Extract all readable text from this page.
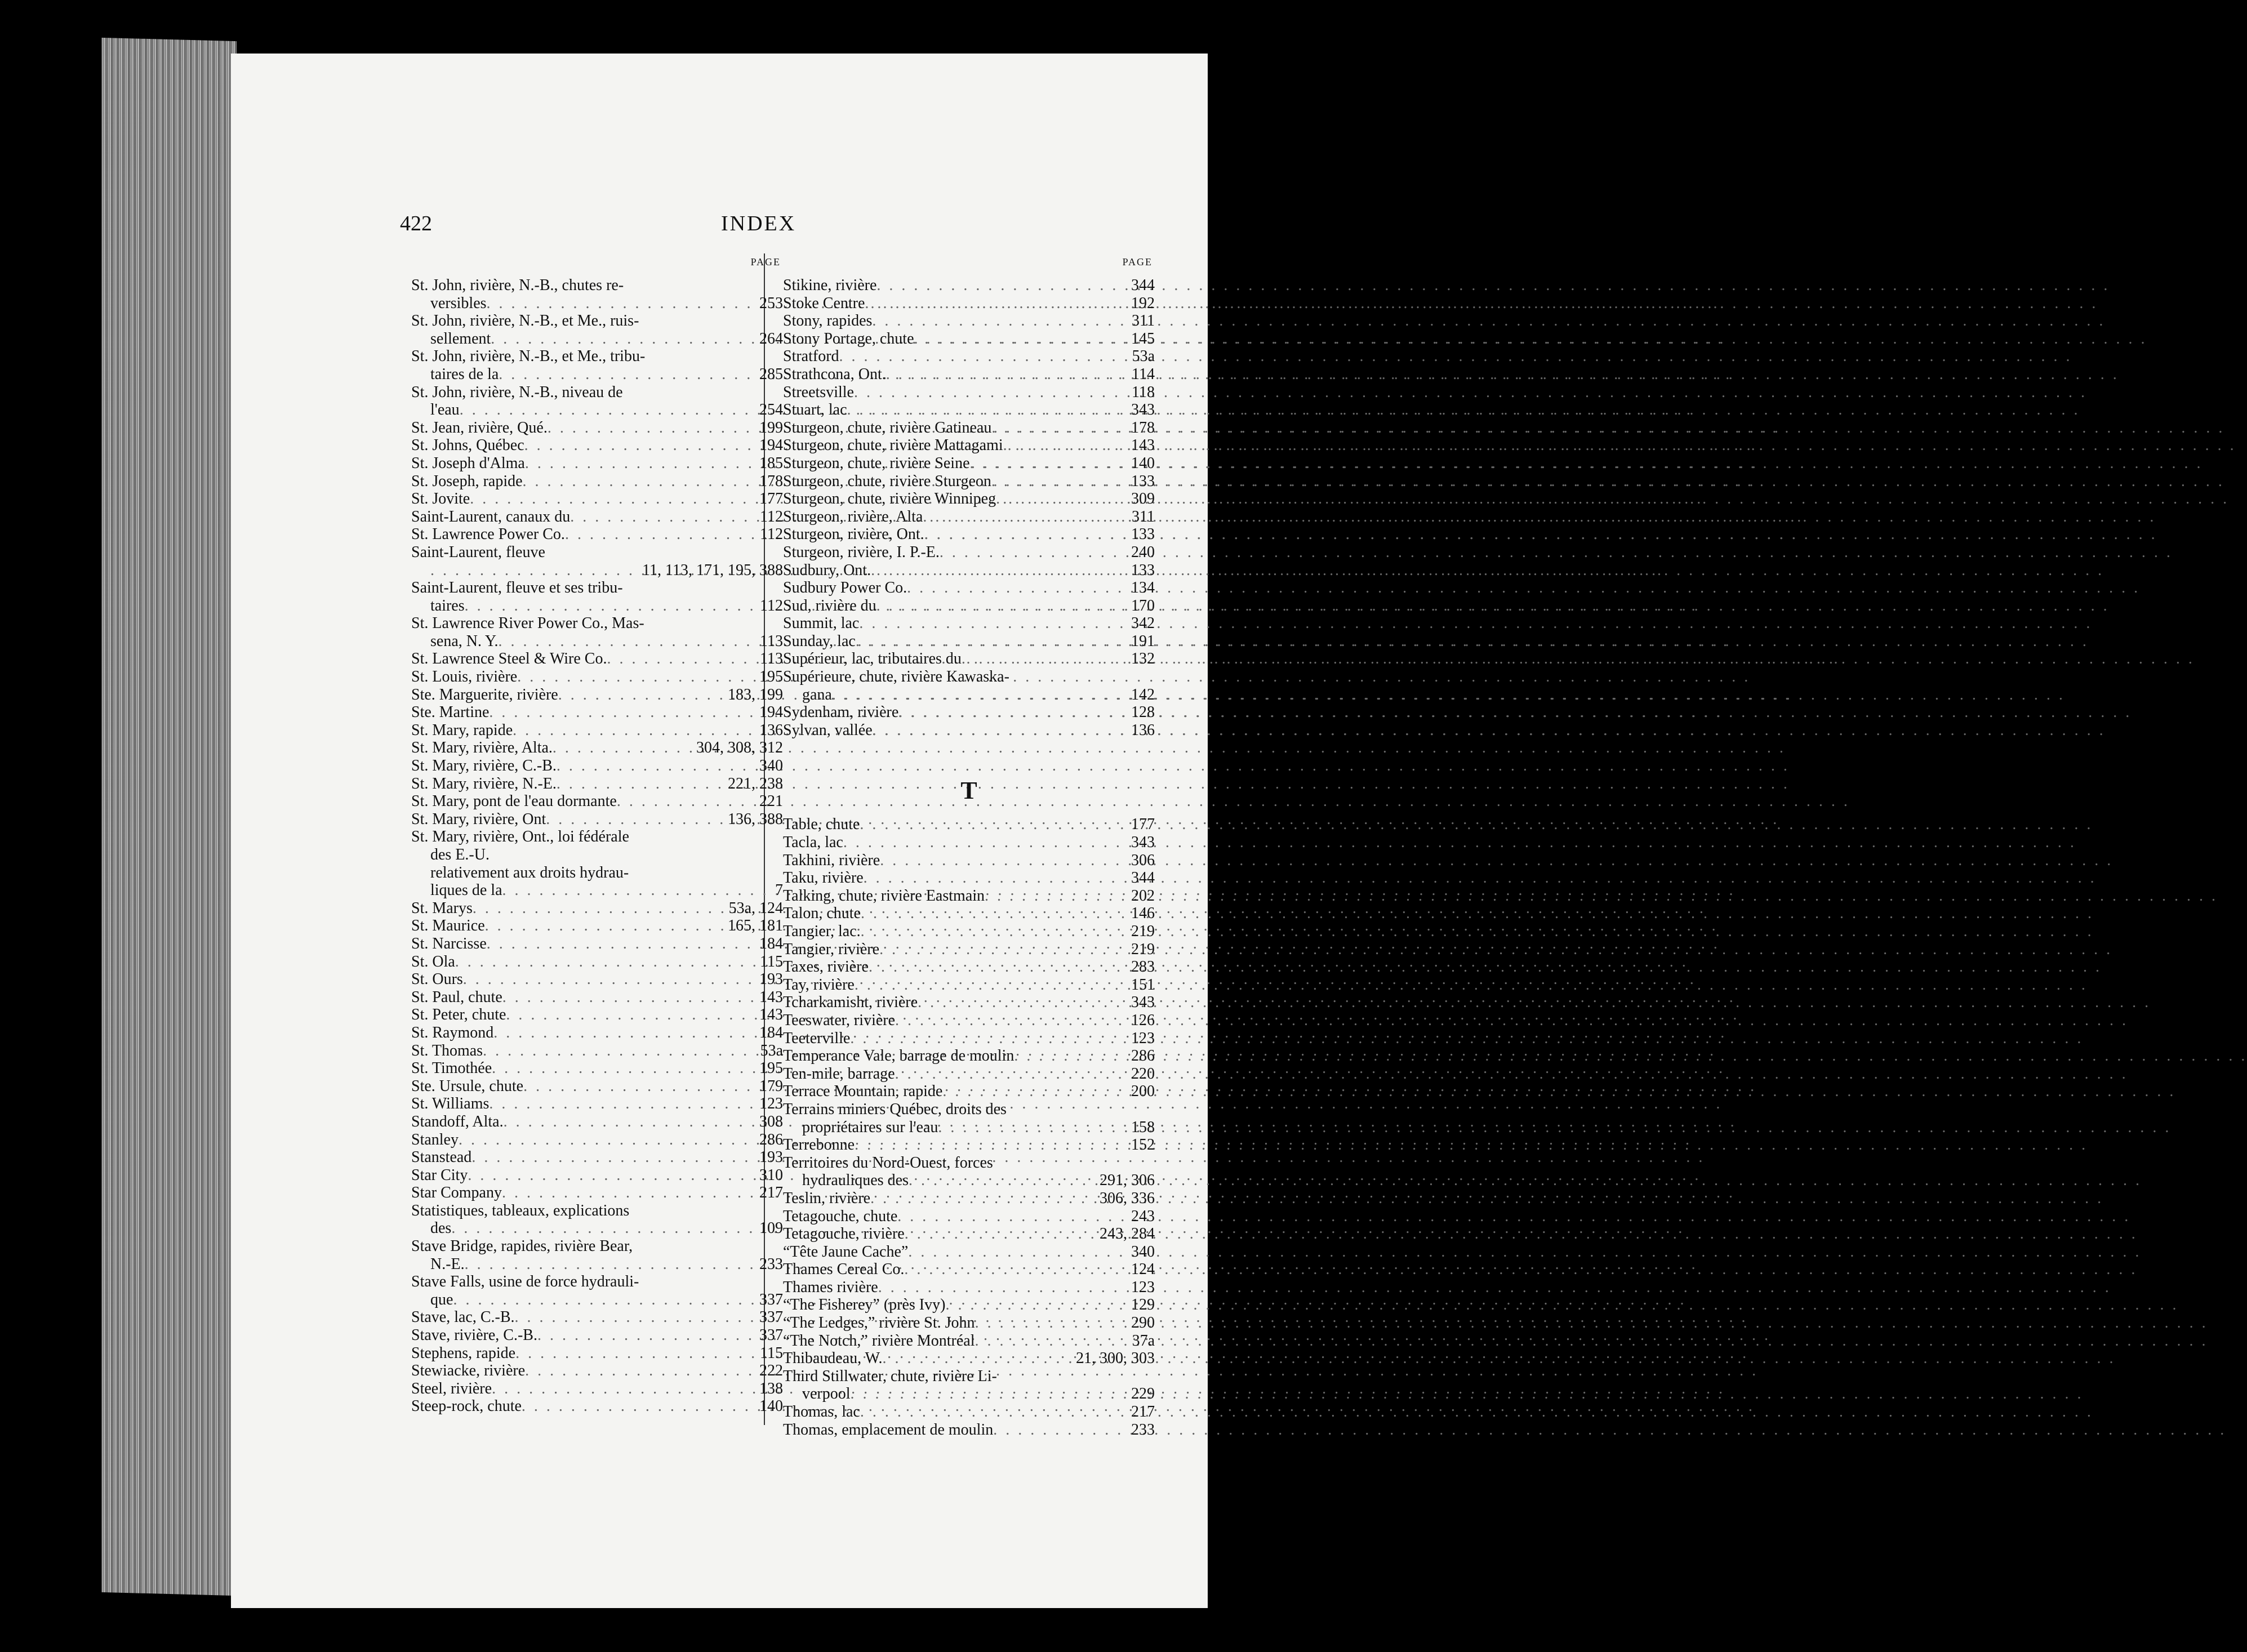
422	INDEX
PAGE
St. John, rivière, N.-B., chutes re-
versibles . . .	253
St. John, rivière, N.-B., et Me., ruis-
sellement . . .	264
St. John, rivière, N.-B., et Me., tribu-
taires de la . . .	285
St. John, rivière, N.-B., niveau de
l'eau . . .	254
St. Jean, rivière, Qué. . . .	199
St. Johns, Québec . . .	194
St. Joseph d'Alma . . .	185
St. Joseph, rapide . . .	178
St. Jovite . . .	177
Saint-Laurent, canaux du . . .	112
St. Lawrence Power Co. . . .	112
Saint-Laurent, fleuve
. . .
11, 113, 171, 195, 388
Saint-Laurent, fleuve et ses tribu-
taires . . .	112
St. Lawrence River Power Co., Mas-
sena, N. Y. . . .	113
St. Lawrence Steel & Wire Co. . . .	113
St. Louis, rivière . . .	195
Ste. Marguerite, rivière . . .	183, 199
Ste. Martine . . .	194
St. Mary, rapide . . .	136
St. Mary, rivière, Alta. . . .	304, 308, 312
St. Mary, rivière, C.-B. . . .	340
St. Mary, rivière, N.-E. . . .	221, 238
St. Mary, pont de l'eau dormante . . .	221
St. Mary, rivière, Ont . . .	136, 388
St. Mary, rivière, Ont., loi fédérale
des E.-U.
relativement aux droits hydrau-
liques de la . . .	7
St. Marys . . .	53a, 124
St. Maurice . . .	165, 181
St. Narcisse . . .	184
St. Ola . . .	115
St. Ours . . .	193
St. Paul, chute . . .	143
St. Peter, chute . . .	143
St. Raymond . . .	184
St. Thomas . . .	53a
St. Timothée . . .	195
Ste. Ursule, chute . . .	179
St. Williams . . .	123
Standoff, Alta. . . .	308
Stanley . . .	286
Stanstead . . .	193
Star City . . .	310
Star Company . . .	217
Statistiques, tableaux, explications
des . . .	109
Stave Bridge, rapides, rivière Bear,
N.-E. . . .	233
Stave Falls, usine de force hydrauli-
que . . .	337
Stave, lac, C.-B. . . .	337
Stave, rivière, C.-B. . . .	337
Stephens, rapide . . .	115
Stewiacke, rivière . . .	222
Steel, rivière . . .	138
Steep-rock, chute . . .	140
PAGE
Stikine, rivière . . .	344
Stoke Centre . . .	192
Stony, rapides . . .	311
Stony Portage, chute . . .	145
Stratford . . .	53a
Strathcona, Ont. . . .	114
Streetsville . . .	118
Stuart, lac . . .	343
Sturgeon, chute, rivière Gatineau . . .	178
Sturgeon, chute, rivière Mattagami . . .	143
Sturgeon, chute, rivière Seine . . .	140
Sturgeon, chute, rivière Sturgeon . . .	133
Sturgeon, chute, rivière Winnipeg . . .	309
Sturgeon, rivière, Alta . . .	311
Sturgeon, rivière, Ont. . . .	133
Sturgeon, rivière, I. P.-E. . . .	240
Sudbury, Ont. . . .	133
Sudbury Power Co. . . .	134
Sud, rivière du . . .	170
Summit, lac . . .	342
Sunday, lac . . .	191
Supérieur, lac, tributaires du . . .	132
Supérieure, chute, rivière Kawaska-
gana . . .	142
Sydenham, rivière . . .	128
Sylvan, vallée . . .	136
T
Table, chute . . .	177
Tacla, lac . . .	343
Takhini, rivière . . .	306
Taku, rivière . . .	344
Talking, chute, rivière Eastmain . . .	202
Talon, chute . . .	146
Tangier, lac. . . .	219
Tangier, rivière . . .	219
Taxes, rivière . . .	283
Tay, rivière . . .	151
Tcharkamisht, rivière . . .	343
Teeswater, rivière . . .	126
Teeterville . . .	123
Temperance Vale, barrage de moulin . . .	286
Ten-mile, barrage . . .	220
Terrace Mountain, rapide . . .	200
Terrains miniers Québec, droits des
propriétaires sur l'eau . . .	158
Terrebonne . . .	152
Territoires du Nord-Ouest, forces
hydrauliques des . . .	291, 306
Teslin, rivière . . .	306, 336
Tetagouche, chute . . .	243
Tetagouche, rivière . . .	243, 284
“Tête Jaune Cache” . . .	340
Thames Cereal Co. . . .	124
Thames rivière . . .	123
“The Fisherey” (près Ivy) . . .	129
“The Ledges,” rivière St. John . . .	290
“The Notch,” rivière Montréal . . .	37a
Thibaudeau, W. . . .	21, 300, 303
Third Stillwater, chute, rivière Li-
verpool . . .	229
Thomas, lac . . .	217
Thomas, emplacement de moulin . . .	233
